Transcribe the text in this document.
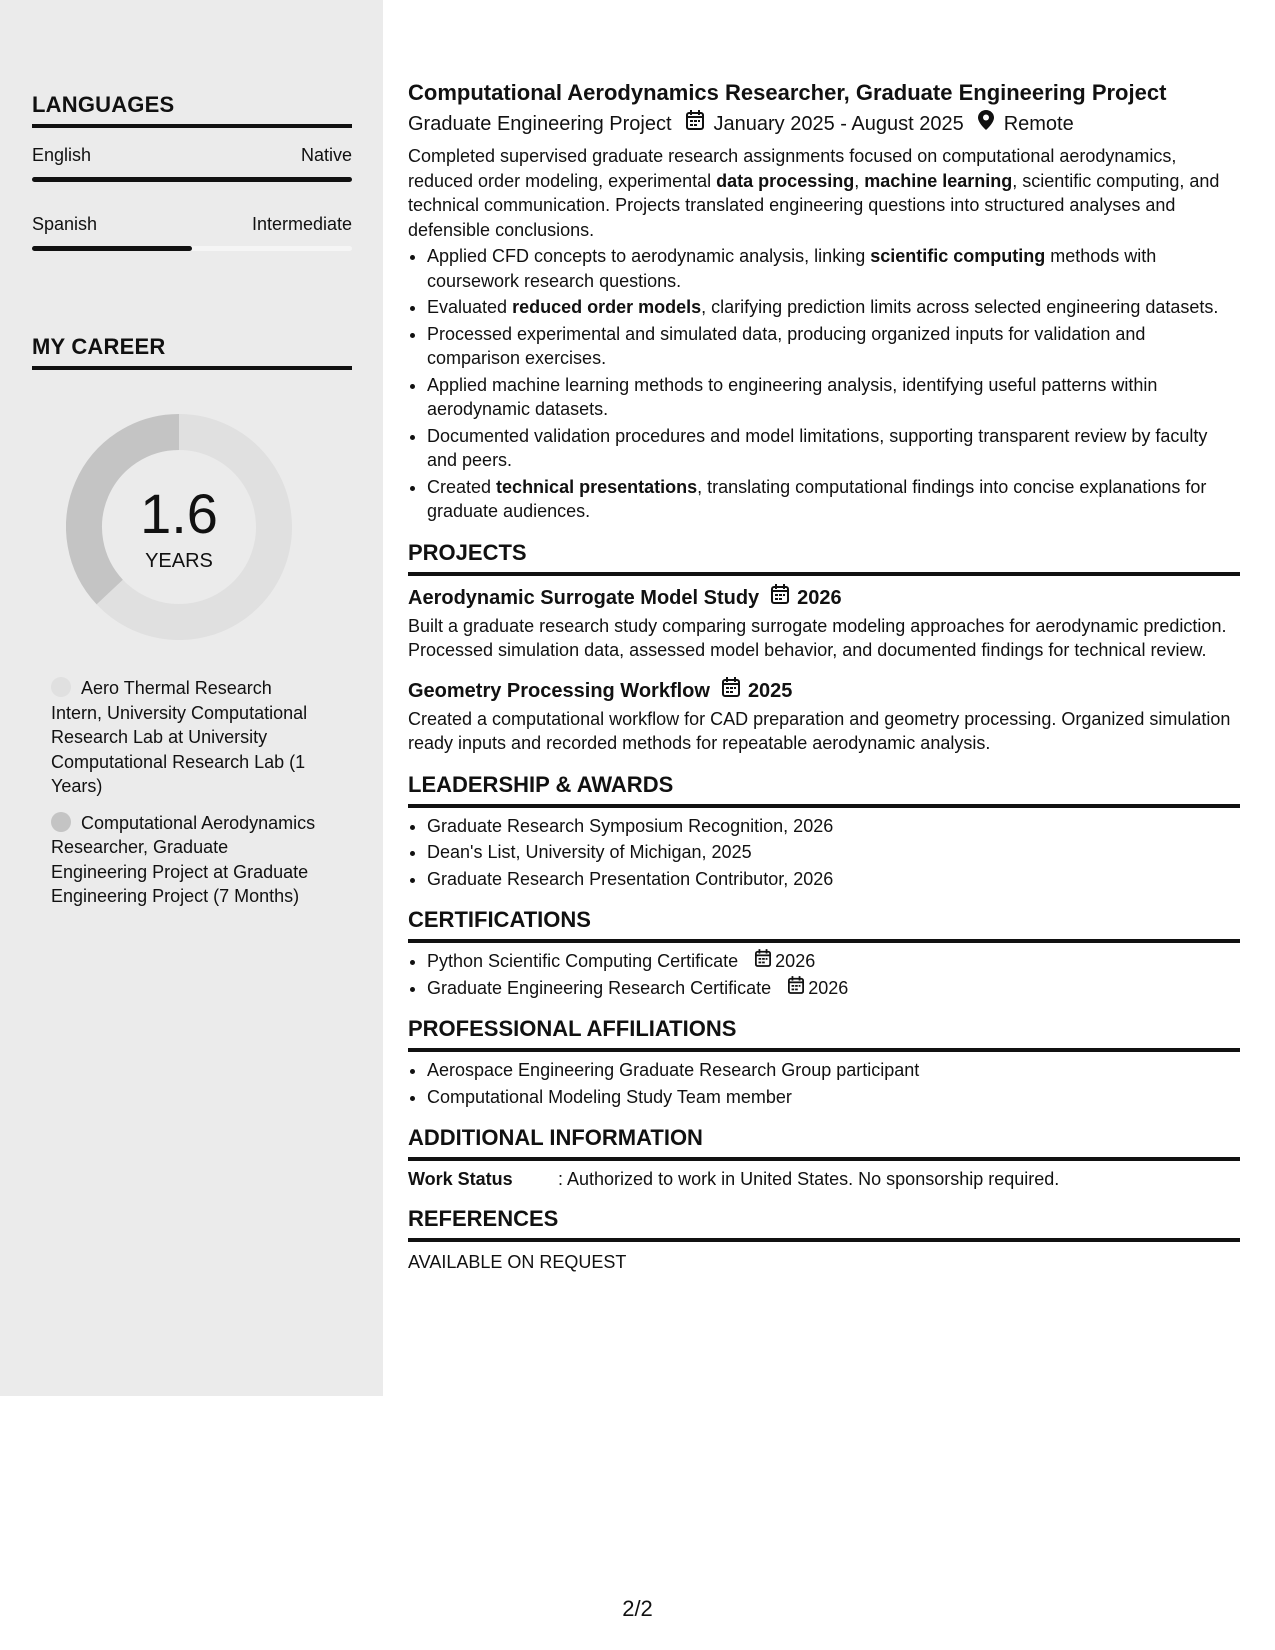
LANGUAGES
English	Native
Spanish	Intermediate
MY CAREER
1.6
YEARS
Aero Thermal Research Intern, University Computational Research Lab at University Computational Research Lab (1 Years)
Computational Aerodynamics Researcher, Graduate Engineering Project at Graduate Engineering Project (7 Months)
Computational Aerodynamics Researcher, Graduate Engineering Project
Graduate Engineering Project January 2025 - August 2025 Remote

Completed supervised graduate research assignments focused on computational aerodynamics, reduced order modeling, experimental data processing, machine learning, scientific computing, and technical communication. Projects translated engineering questions into structured analyses and defensible conclusions.

• Applied CFD concepts to aerodynamic analysis, linking scientific computing methods with coursework research questions.
• Evaluated reduced order models, clarifying prediction limits across selected engineering datasets.
• Processed experimental and simulated data, producing organized inputs for validation and comparison exercises.
• Applied machine learning methods to engineering analysis, identifying useful patterns within aerodynamic datasets.
• Documented validation procedures and model limitations, supporting transparent review by faculty and peers.
• Created technical presentations, translating computational findings into concise explanations for graduate audiences.
PROJECTS
Aerodynamic Surrogate Model Study 2026

Built a graduate research study comparing surrogate modeling approaches for aerodynamic prediction. Processed simulation data, assessed model behavior, and documented findings for technical review.

Geometry Processing Workflow 2025

Created a computational workflow for CAD preparation and geometry processing. Organized simulation ready inputs and recorded methods for repeatable aerodynamic analysis.

LEADERSHIP & AWARDS
• Graduate Research Symposium Recognition, 2026
• Dean's List, University of Michigan, 2025
• Graduate Research Presentation Contributor, 2026
CERTIFICATIONS
• Python Scientific Computing Certificate 2026
• Graduate Engineering Research Certificate 2026
PROFESSIONAL AFFILIATIONS
• Aerospace Engineering Graduate Research Group participant
• Computational Modeling Study Team member
ADDITIONAL INFORMATION
Work Status	: Authorized to work in United States. No sponsorship required.
REFERENCES
AVAILABLE ON REQUEST
2/2
